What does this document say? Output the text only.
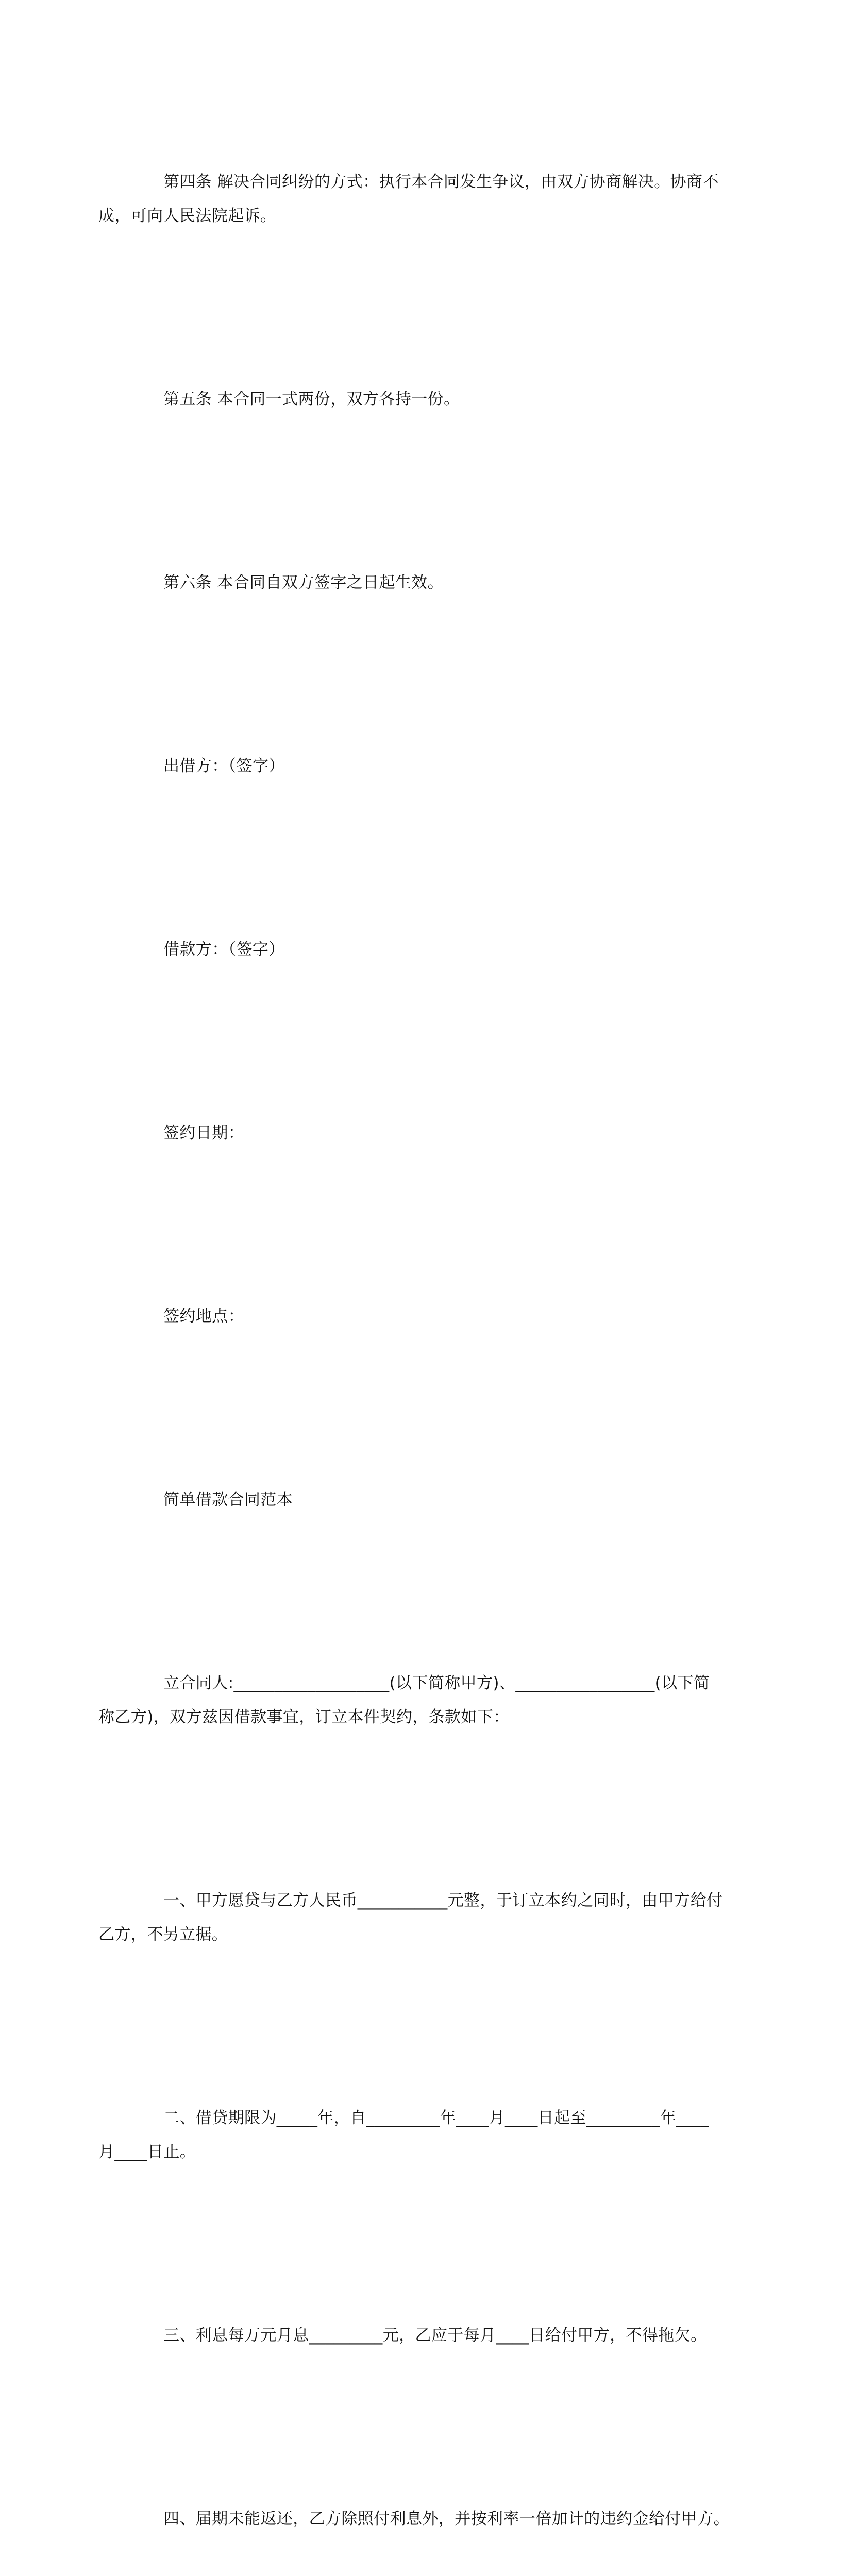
第四条 解决合同纠纷的方式：执行本合同发生争议，由双方协商解决。协商不
成，可向人民法院起诉。

第五条 本合同一式两份，双方各持一份。

第六条 本合同自双方签字之日起生效。

出借方：（签字）

借款方：（签字）

签约日期：

签约地点：

简单借款合同范本

立合同人:___________________(以下简称甲方)、_________________(以下简
称乙方)，双方兹因借款事宜，订立本件契约，条款如下：

一、甲方愿贷与乙方人民币___________元整，于订立本约之同时，由甲方给付
乙方，不另立据。

二、借贷期限为_____年，自_________年____月____日起至_________年____
月____日止。

三、利息每万元月息_________元，乙应于每月____日给付甲方，不得拖欠。

四、届期未能返还，乙方除照付利息外，并按利率一倍加计的违约金给付甲方。
